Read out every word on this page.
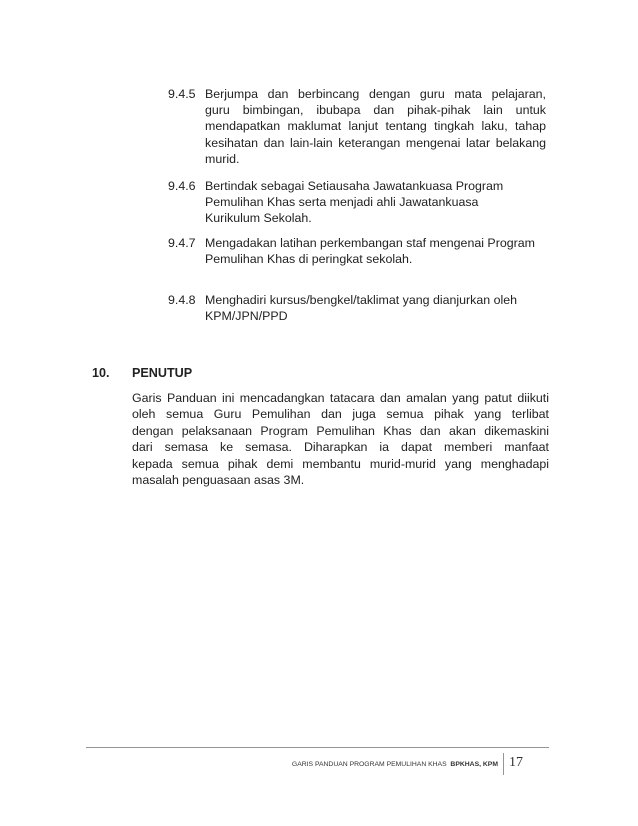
9.4.5 Berjumpa dan berbincang dengan guru mata pelajaran,
guru bimbingan, ibubapa dan pihak-pihak lain untuk
mendapatkan maklumat lanjut tentang tingkah laku, tahap
kesihatan dan lain-lain keterangan mengenai latar belakang
murid.
9.4.6 Bertindak sebagai Setiausaha Jawatankuasa Program
Pemulihan Khas serta menjadi ahli Jawatankuasa
Kurikulum Sekolah.
9.4.7 Mengadakan latihan perkembangan staf mengenai Program
Pemulihan Khas di peringkat sekolah.
9.4.8 Menghadiri kursus/bengkel/taklimat yang dianjurkan oleh
KPM/JPN/PPD
10. PENUTUP
Garis Panduan ini mencadangkan tatacara dan amalan yang patut diikuti
oleh semua Guru Pemulihan dan juga semua pihak yang terlibat
dengan pelaksanaan Program Pemulihan Khas dan akan dikemaskini
dari semasa ke semasa. Diharapkan ia dapat memberi manfaat
kepada semua pihak demi membantu murid-murid yang menghadapi
masalah penguasaan asas 3M.
GARIS PANDUAN PROGRAM PEMULIHAN KHAS BPKHAS, KPM 17
